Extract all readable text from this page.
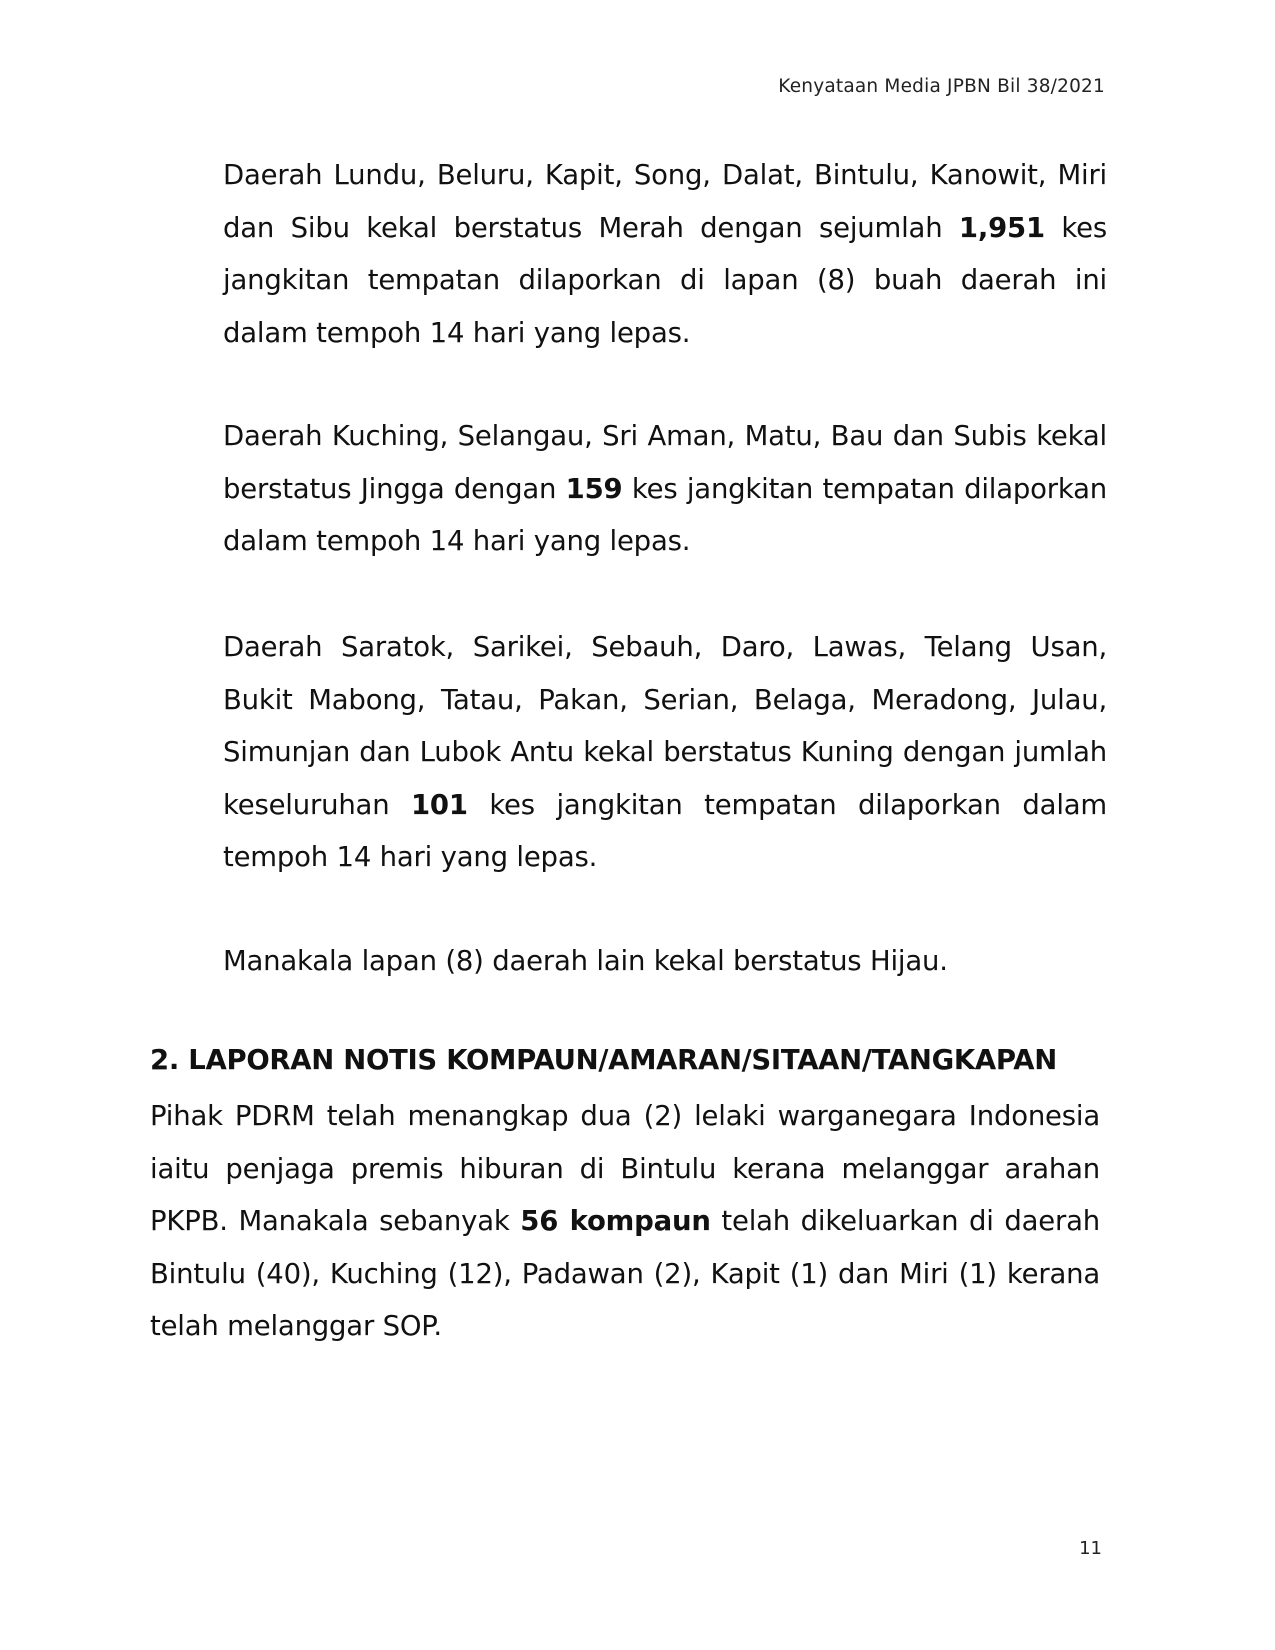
Kenyataan Media JPBN Bil 38/2021

Daerah Lundu, Beluru, Kapit, Song, Dalat, Bintulu, Kanowit, Miri dan Sibu kekal berstatus Merah dengan sejumlah 1,951 kes jangkitan tempatan dilaporkan di lapan (8) buah daerah ini dalam tempoh 14 hari yang lepas.

Daerah Kuching, Selangau, Sri Aman, Matu, Bau dan Subis kekal berstatus Jingga dengan 159 kes jangkitan tempatan dilaporkan dalam tempoh 14 hari yang lepas.

Daerah Saratok, Sarikei, Sebauh, Daro, Lawas, Telang Usan, Bukit Mabong, Tatau, Pakan, Serian, Belaga, Meradong, Julau, Simunjan dan Lubok Antu kekal berstatus Kuning dengan jumlah keseluruhan 101 kes jangkitan tempatan dilaporkan dalam tempoh 14 hari yang lepas.

Manakala lapan (8) daerah lain kekal berstatus Hijau.

2. LAPORAN NOTIS KOMPAUN/AMARAN/SITAAN/TANGKAPAN

Pihak PDRM telah menangkap dua (2) lelaki warganegara Indonesia iaitu penjaga premis hiburan di Bintulu kerana melanggar arahan PKPB. Manakala sebanyak 56 kompaun telah dikeluarkan di daerah Bintulu (40), Kuching (12), Padawan (2), Kapit (1) dan Miri (1) kerana telah melanggar SOP.

11
